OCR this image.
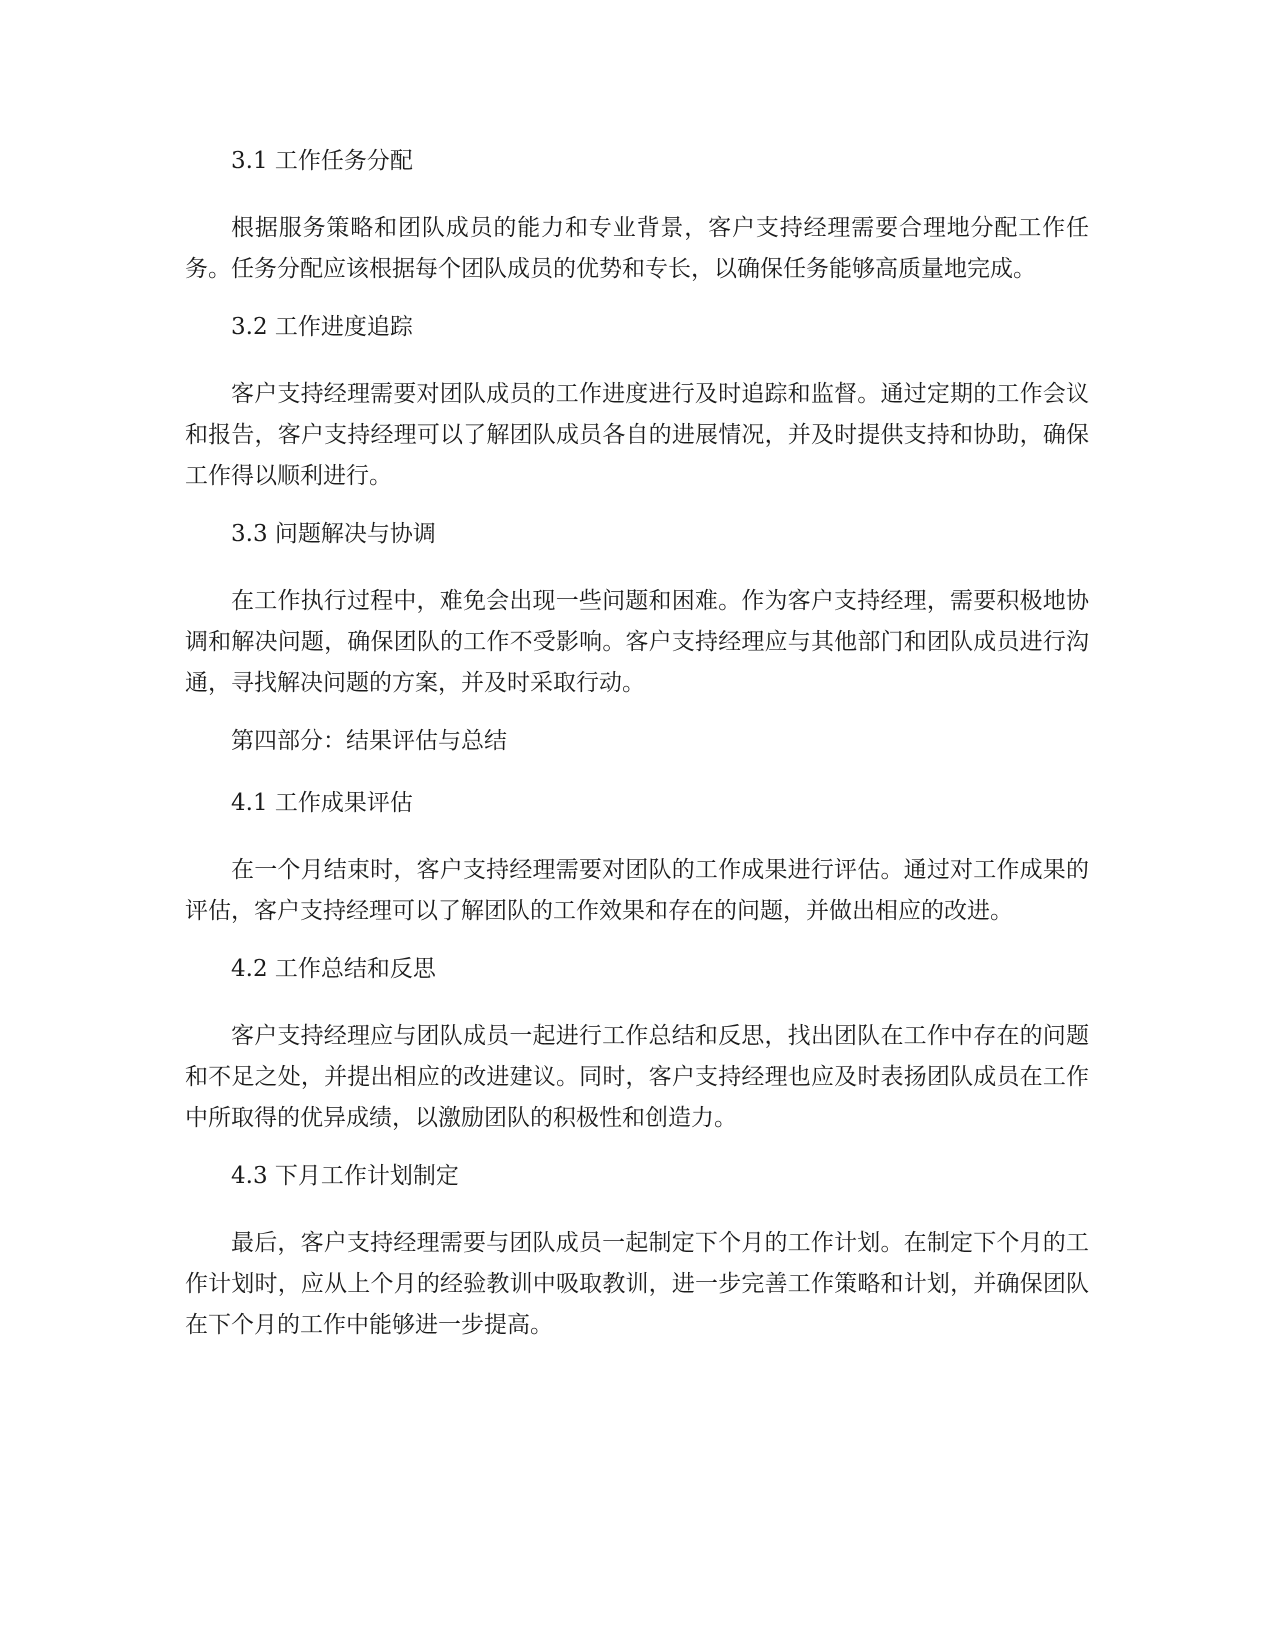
3.1 工作任务分配

根据服务策略和团队成员的能力和专业背景，客户支持经理需要合理地分配工作任务。任务分配应该根据每个团队成员的优势和专长，以确保任务能够高质量地完成。

3.2 工作进度追踪

客户支持经理需要对团队成员的工作进度进行及时追踪和监督。通过定期的工作会议和报告，客户支持经理可以了解团队成员各自的进展情况，并及时提供支持和协助，确保工作得以顺利进行。

3.3 问题解决与协调

在工作执行过程中，难免会出现一些问题和困难。作为客户支持经理，需要积极地协调和解决问题，确保团队的工作不受影响。客户支持经理应与其他部门和团队成员进行沟通，寻找解决问题的方案，并及时采取行动。

第四部分：结果评估与总结
4.1 工作成果评估

在一个月结束时，客户支持经理需要对团队的工作成果进行评估。通过对工作成果的评估，客户支持经理可以了解团队的工作效果和存在的问题，并做出相应的改进。

4.2 工作总结和反思

客户支持经理应与团队成员一起进行工作总结和反思，找出团队在工作中存在的问题和不足之处，并提出相应的改进建议。同时，客户支持经理也应及时表扬团队成员在工作中所取得的优异成绩，以激励团队的积极性和创造力。

4.3 下月工作计划制定

最后，客户支持经理需要与团队成员一起制定下个月的工作计划。在制定下个月的工作计划时，应从上个月的经验教训中吸取教训，进一步完善工作策略和计划，并确保团队在下个月的工作中能够进一步提高。
